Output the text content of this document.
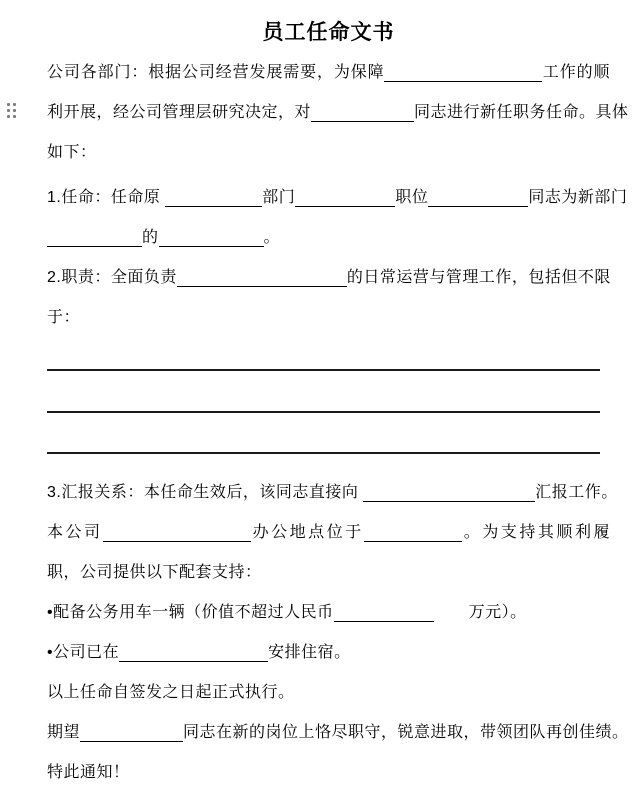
员工任命文书
公司各部门：根据公司经营发展需要，为保障	工作的顺
利开展，经公司管理层研究决定，对	同志进行新任职务任命。具体
如下：
1.任命：任命原	部门	职位	同志为新部门
的	。
2.职责：全面负责	的日常运营与管理工作，包括但不限
于：
3.汇报关系：本任命生效后，该同志直接向	汇报工作。
本公司	办公地点位于	。为支持其顺利履
职，公司提供以下配套支持：
•配备公务用车一辆（价值不超过人民币	万元）。
•公司已在	安排住宿。
以上任命自签发之日起正式执行。
期望	同志在新的岗位上恪尽职守，锐意进取，带领团队再创佳绩。
特此通知！
